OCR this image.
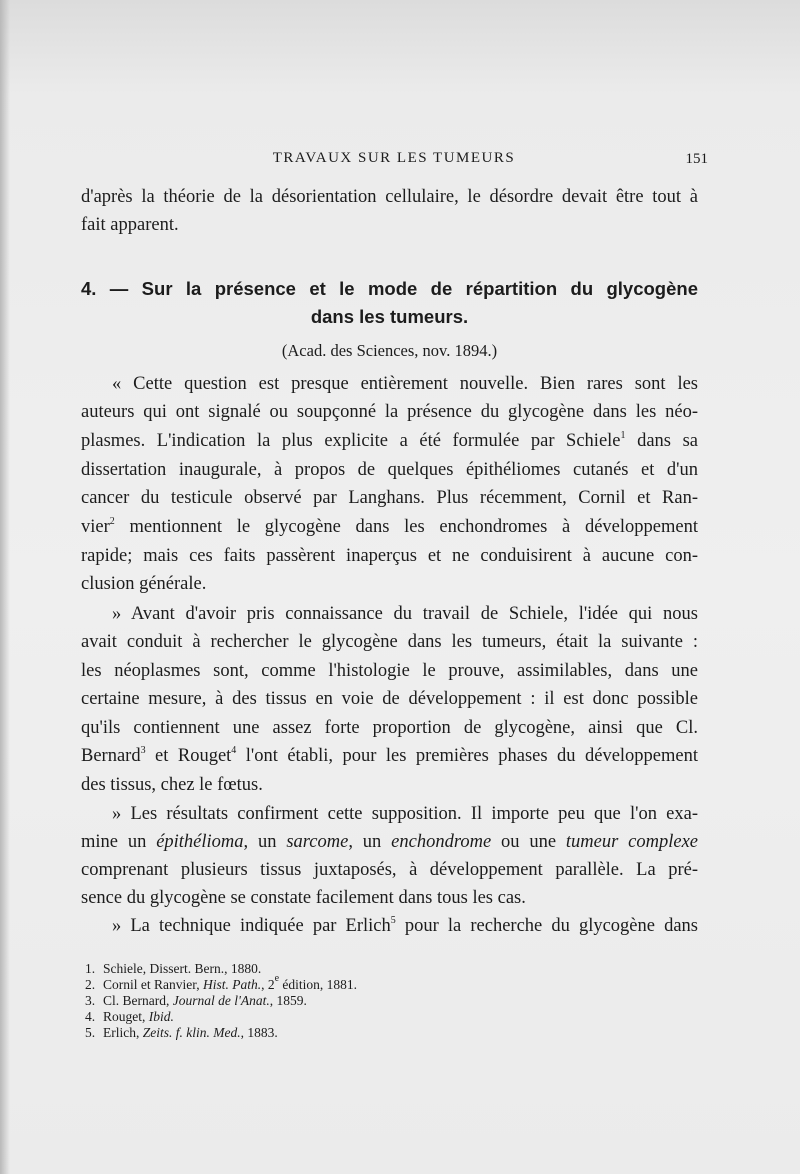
TRAVAUX SUR LES TUMEURS	151
d'après la théorie de la désorientation cellulaire, le désordre devait être tout à
fait apparent.
4. — Sur la présence et le mode de répartition du glycogène
dans les tumeurs.
(Acad. des Sciences, nov. 1894.)
« Cette question est presque entièrement nouvelle. Bien rares sont les
auteurs qui ont signalé ou soupçonné la présence du glycogène dans les néo-
plasmes. L'indication la plus explicite a été formulée par Schiele$^1$ dans sa
dissertation inaugurale, à propos de quelques épithéliomes cutanés et d'un
cancer du testicule observé par Langhans. Plus récemment, Cornil et Ran-
vier$^2$ mentionnent le glycogène dans les enchondromes à développement
rapide; mais ces faits passèrent inaperçus et ne conduisirent à aucune con-
clusion générale.
» Avant d'avoir pris connaissance du travail de Schiele, l'idée qui nous
avait conduit à rechercher le glycogène dans les tumeurs, était la suivante :
les néoplasmes sont, comme l'histologie le prouve, assimilables, dans une
certaine mesure, à des tissus en voie de développement : il est donc possible
qu'ils contiennent une assez forte proportion de glycogène, ainsi que Cl.
Bernard$^3$ et Rouget$^4$ l'ont établi, pour les premières phases du développement
des tissus, chez le fœtus.
» Les résultats confirment cette supposition. Il importe peu que l'on exa-
mine un épithélioma, un sarcome, un enchondrome ou une tumeur complexe
comprenant plusieurs tissus juxtaposés, à développement parallèle. La pré-
sence du glycogène se constate facilement dans tous les cas.
» La technique indiquée par Erlich$^5$ pour la recherche du glycogène dans
1. Schiele, Dissert. Bern., 1880.
2. Cornil et Ranvier, Hist. Path., 2e édition, 1881.
3. Cl. Bernard, Journal de l'Anat., 1859.
4. Rouget, Ibid.
5. Erlich, Zeits. f. klin. Med., 1883.
